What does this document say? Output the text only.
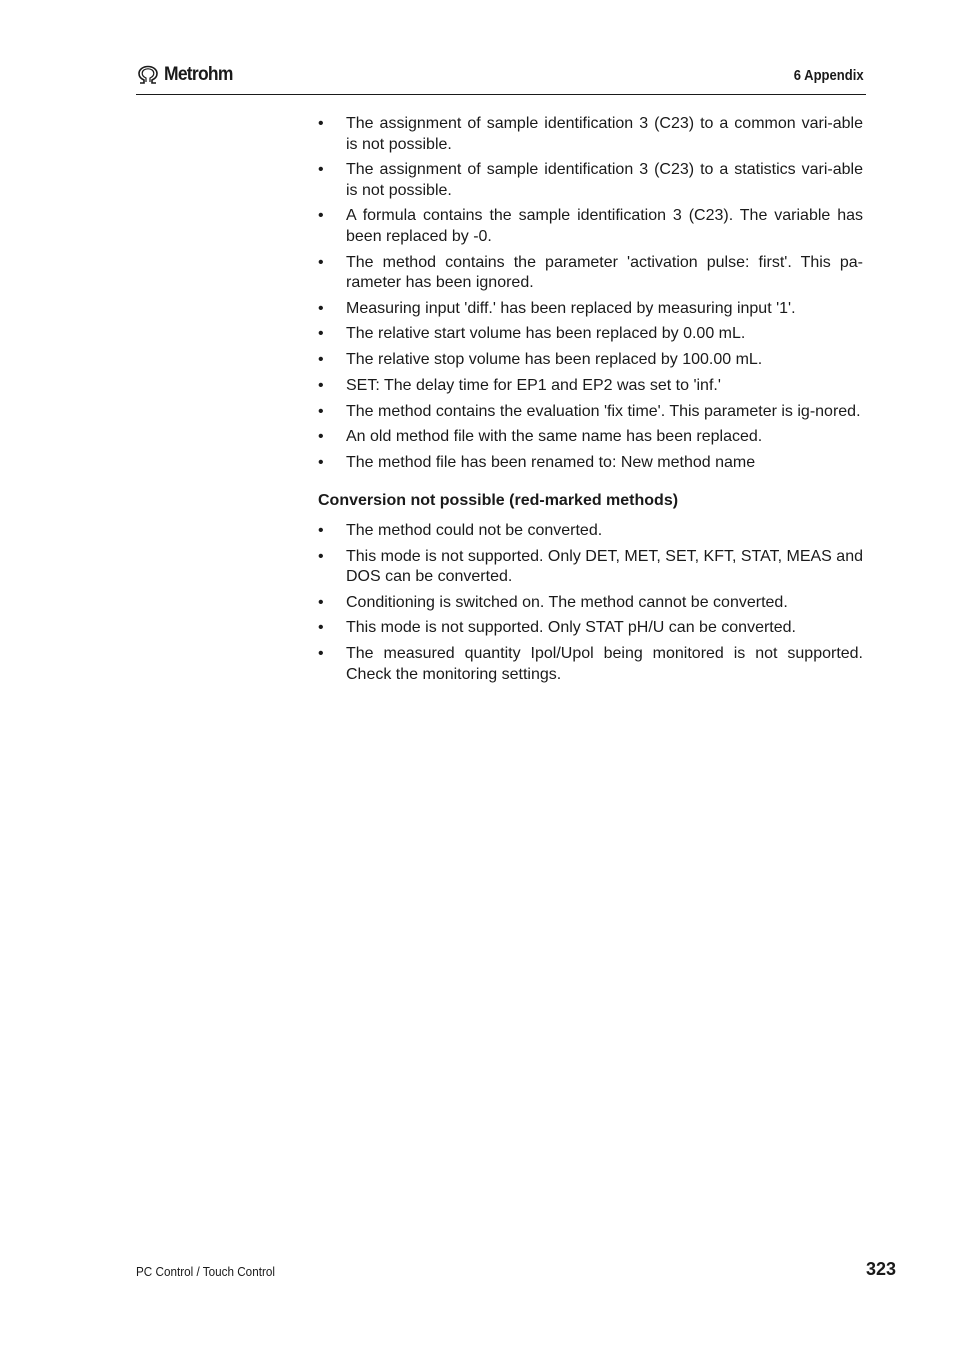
Metrohm	6 Appendix
• The assignment of sample identification 3 (C23) to a common vari-able is not possible.
• The assignment of sample identification 3 (C23) to a statistics vari-able is not possible.
• A formula contains the sample identification 3 (C23). The variable has been replaced by -0.
• The method contains the parameter 'activation pulse: first'. This pa-rameter has been ignored.
• Measuring input 'diff.' has been replaced by measuring input '1'.
• The relative start volume has been replaced by 0.00 mL.
• The relative stop volume has been replaced by 100.00 mL.
• SET: The delay time for EP1 and EP2 was set to 'inf.'
• The method contains the evaluation 'fix time'. This parameter is ig-nored.
• An old method file with the same name has been replaced.
• The method file has been renamed to: New method name
Conversion not possible (red-marked methods)
• The method could not be converted.
• This mode is not supported. Only DET, MET, SET, KFT, STAT, MEAS and DOS can be converted.
• Conditioning is switched on. The method cannot be converted.
• This mode is not supported. Only STAT pH/U can be converted.
• The measured quantity Ipol/Upol being monitored is not supported. Check the monitoring settings.
PC Control / Touch Control	323
